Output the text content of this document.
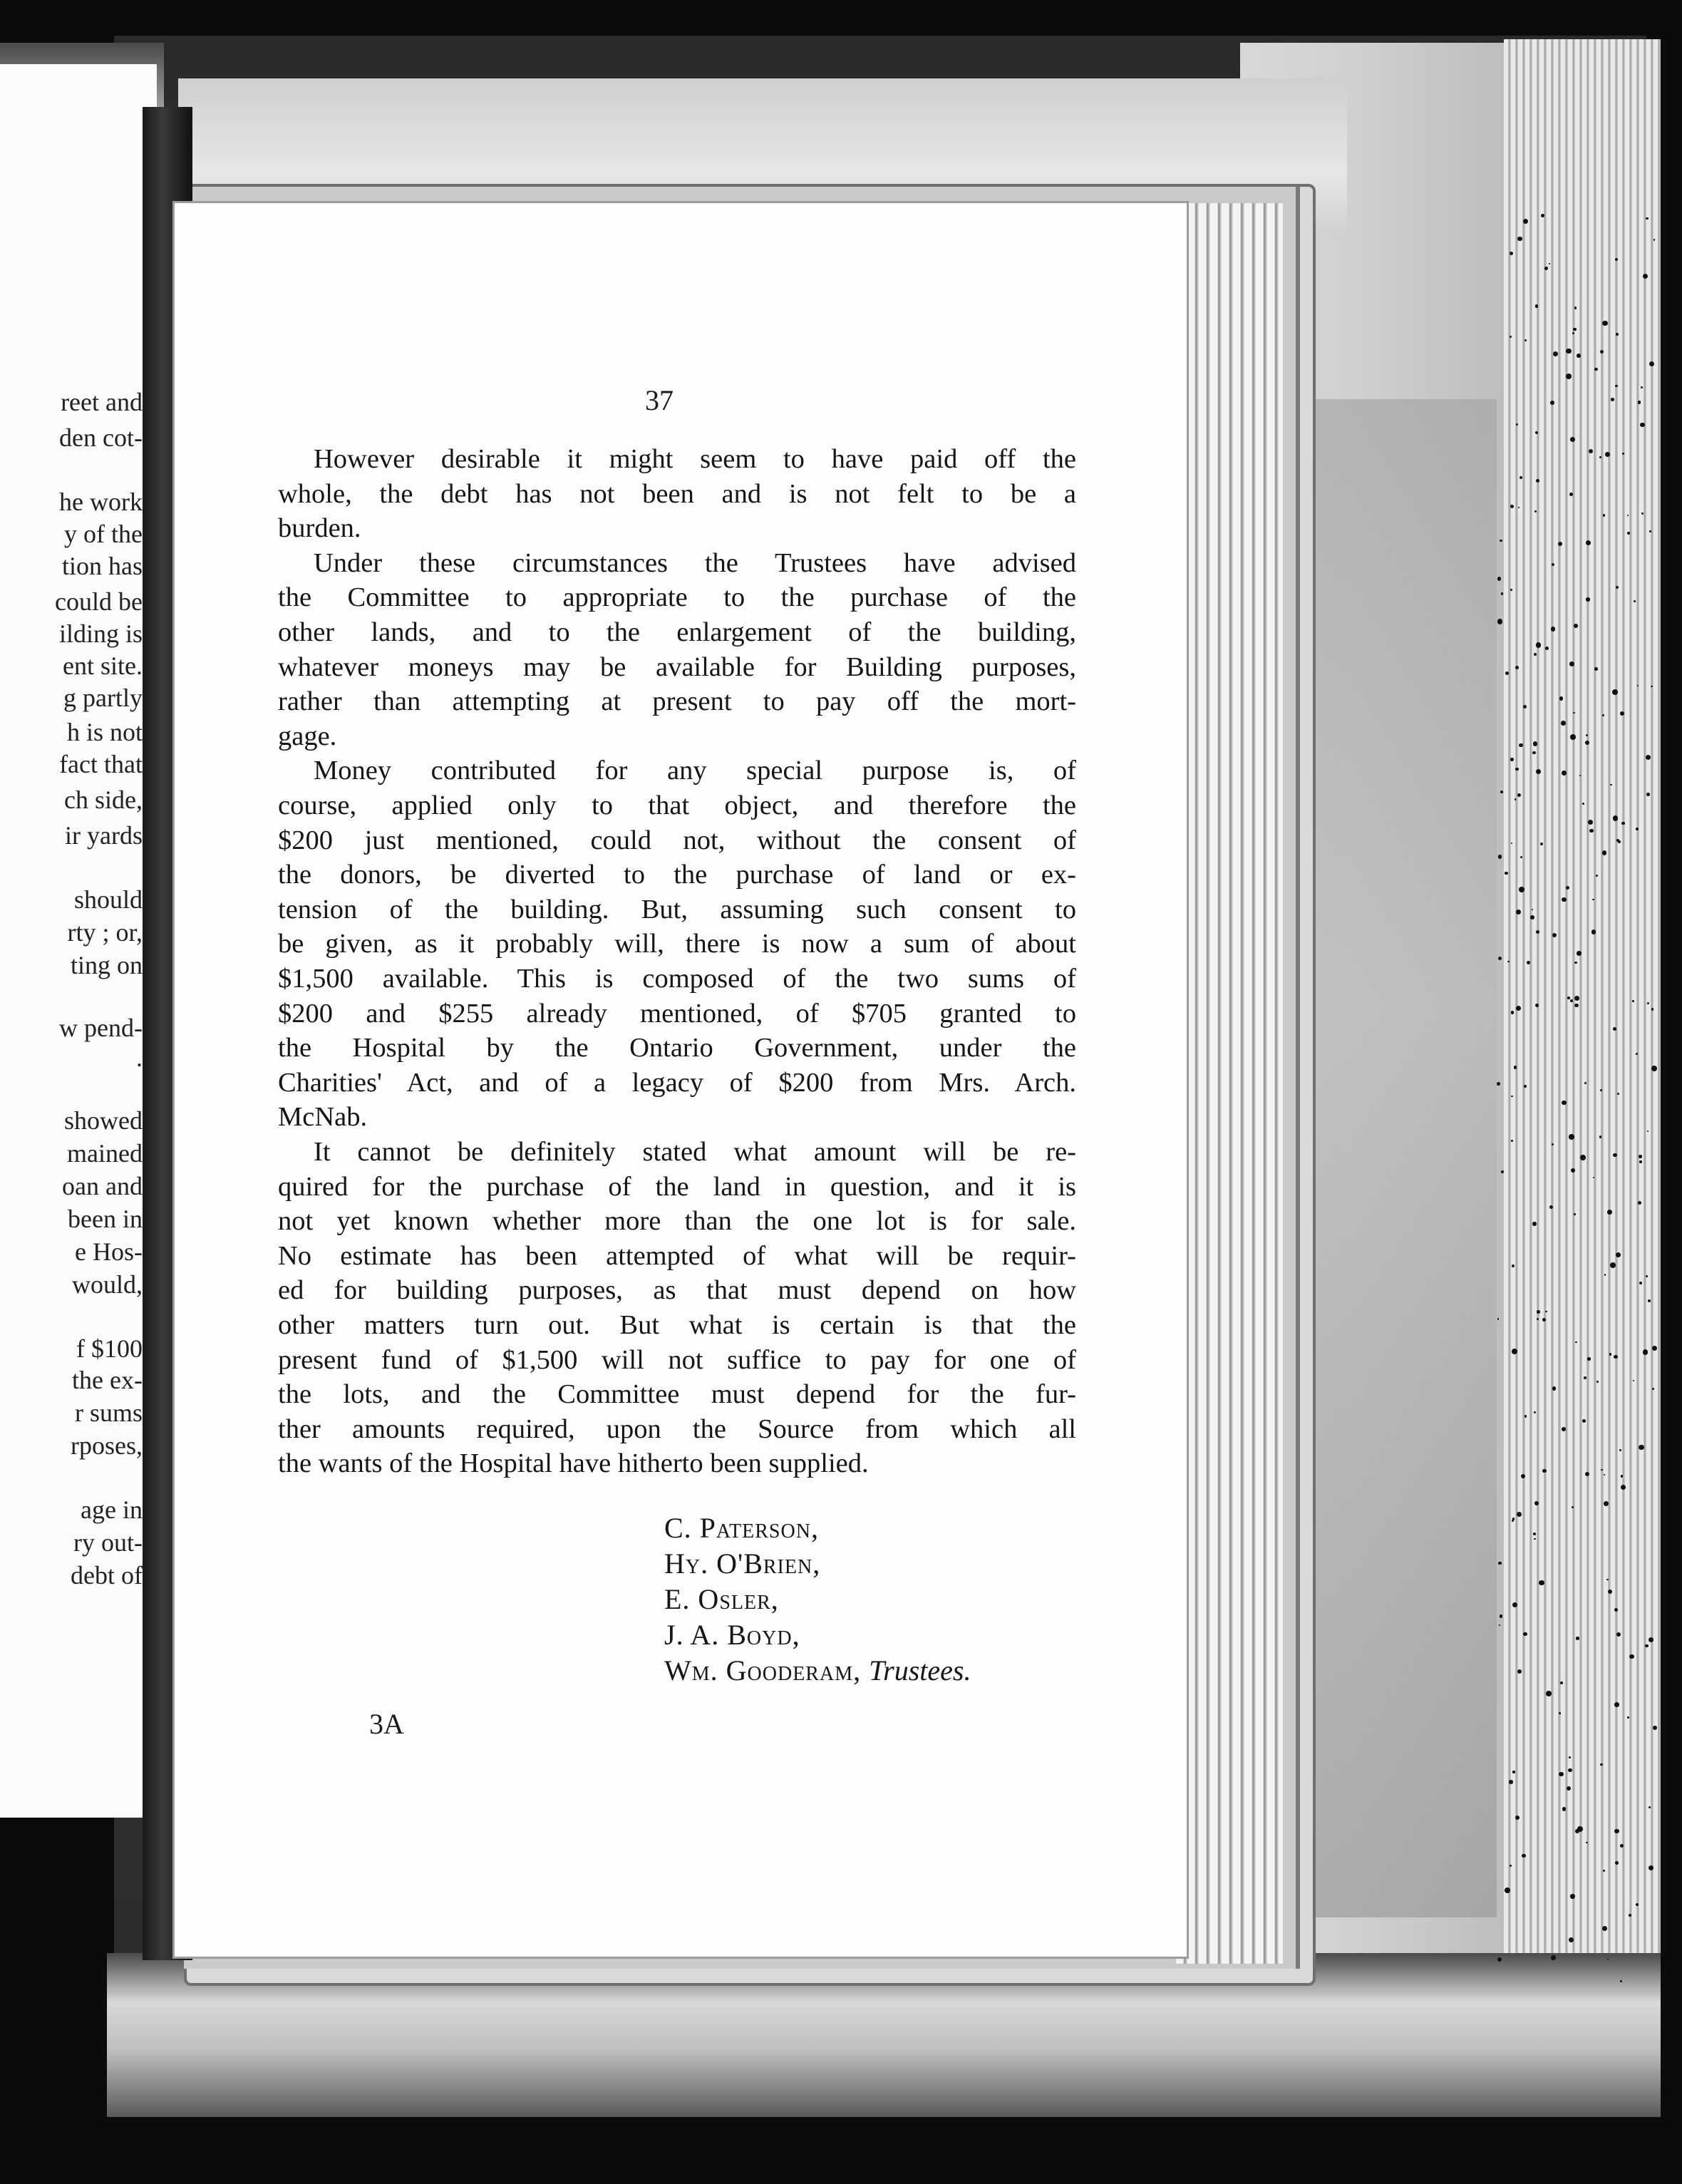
reet and
den cot-
he work
y of the
tion has
could be
ilding is
ent site.
g partly
h is not
fact that
ch side,
ir yards
should
rty ; or,
ting on
w pend-
.
showed
mained
oan and
been in
e Hos-
would,
f $100
the ex-
r sums
rposes,
age in
ry out-
debt of
37
However desirable it might seem to have paid off the
whole, the debt has not been and is not felt to be a
burden.
Under these circumstances the Trustees have advised
the Committee to appropriate to the purchase of the
other lands, and to the enlargement of the building,
whatever moneys may be available for Building purposes,
rather than attempting at present to pay off the mort-
gage.
Money contributed for any special purpose is, of
course, applied only to that object, and therefore the
$200 just mentioned, could not, without the consent of
the donors, be diverted to the purchase of land or ex-
tension of the building. But, assuming such consent to
be given, as it probably will, there is now a sum of about
$1,500 available. This is composed of the two sums of
$200 and $255 already mentioned, of $705 granted to
the Hospital by the Ontario Government, under the
Charities' Act, and of a legacy of $200 from Mrs. Arch.
McNab.
It cannot be definitely stated what amount will be re-
quired for the purchase of the land in question, and it is
not yet known whether more than the one lot is for sale.
No estimate has been attempted of what will be requir-
ed for building purposes, as that must depend on how
other matters turn out. But what is certain is that the
present fund of $1,500 will not suffice to pay for one of
the lots, and the Committee must depend for the fur-
ther amounts required, upon the Source from which all
the wants of the Hospital have hitherto been supplied.
C. Paterson,
Hy. O'Brien,
E. Osler,
J. A. Boyd,
Wm. Gooderam, Trustees.
3A
